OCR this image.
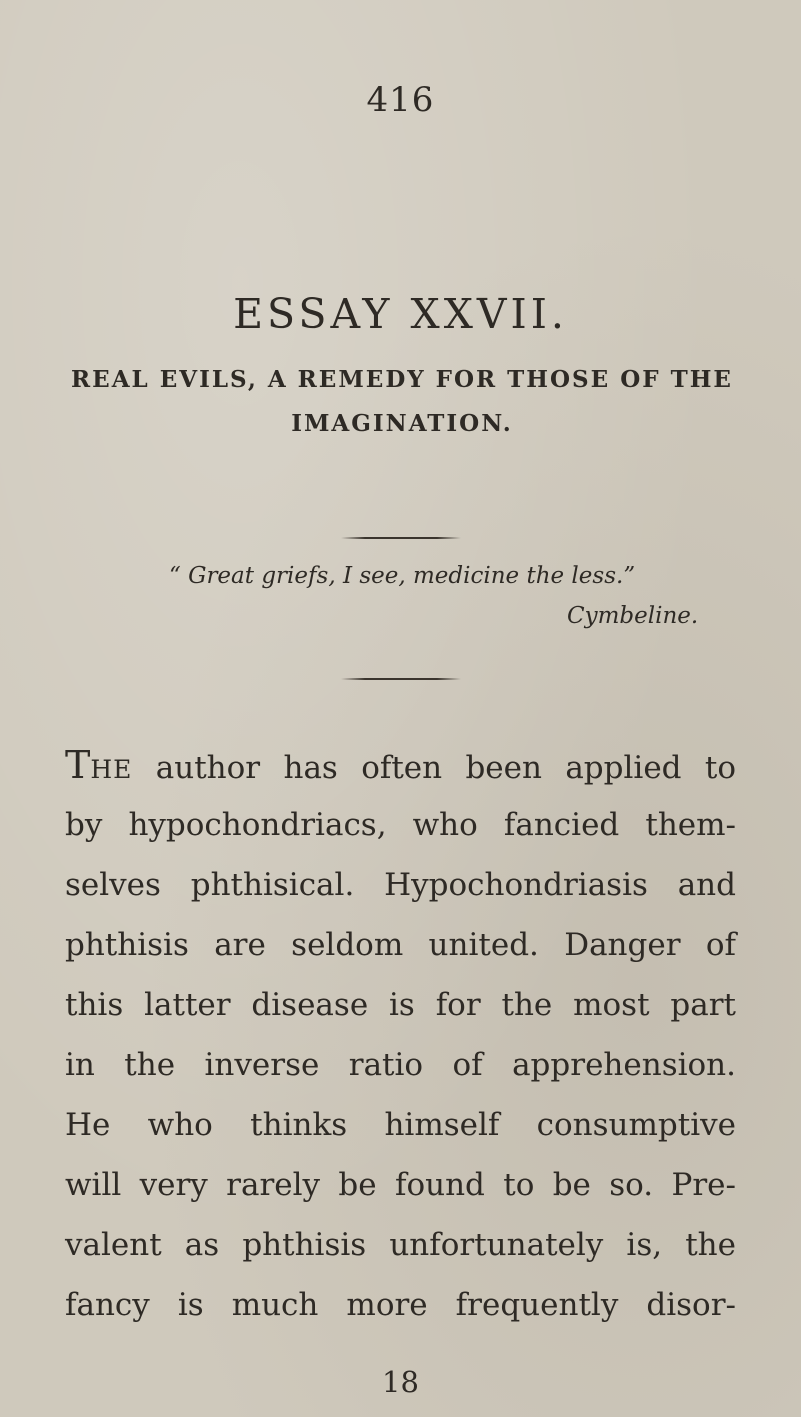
416
ESSAY XXVII.
REAL EVILS, A REMEDY FOR THOSE OF THE
IMAGINATION.
“ Great griefs, I see, medicine the less.”
Cymbeline.
THE author has often been applied to
by hypochondriacs, who fancied them-
selves phthisical. Hypochondriasis and
phthisis are seldom united. Danger of
this latter disease is for the most part
in the inverse ratio of apprehension.
He who thinks himself consumptive
will very rarely be found to be so. Pre-
valent as phthisis unfortunately is, the
fancy is much more frequently disor-
18
